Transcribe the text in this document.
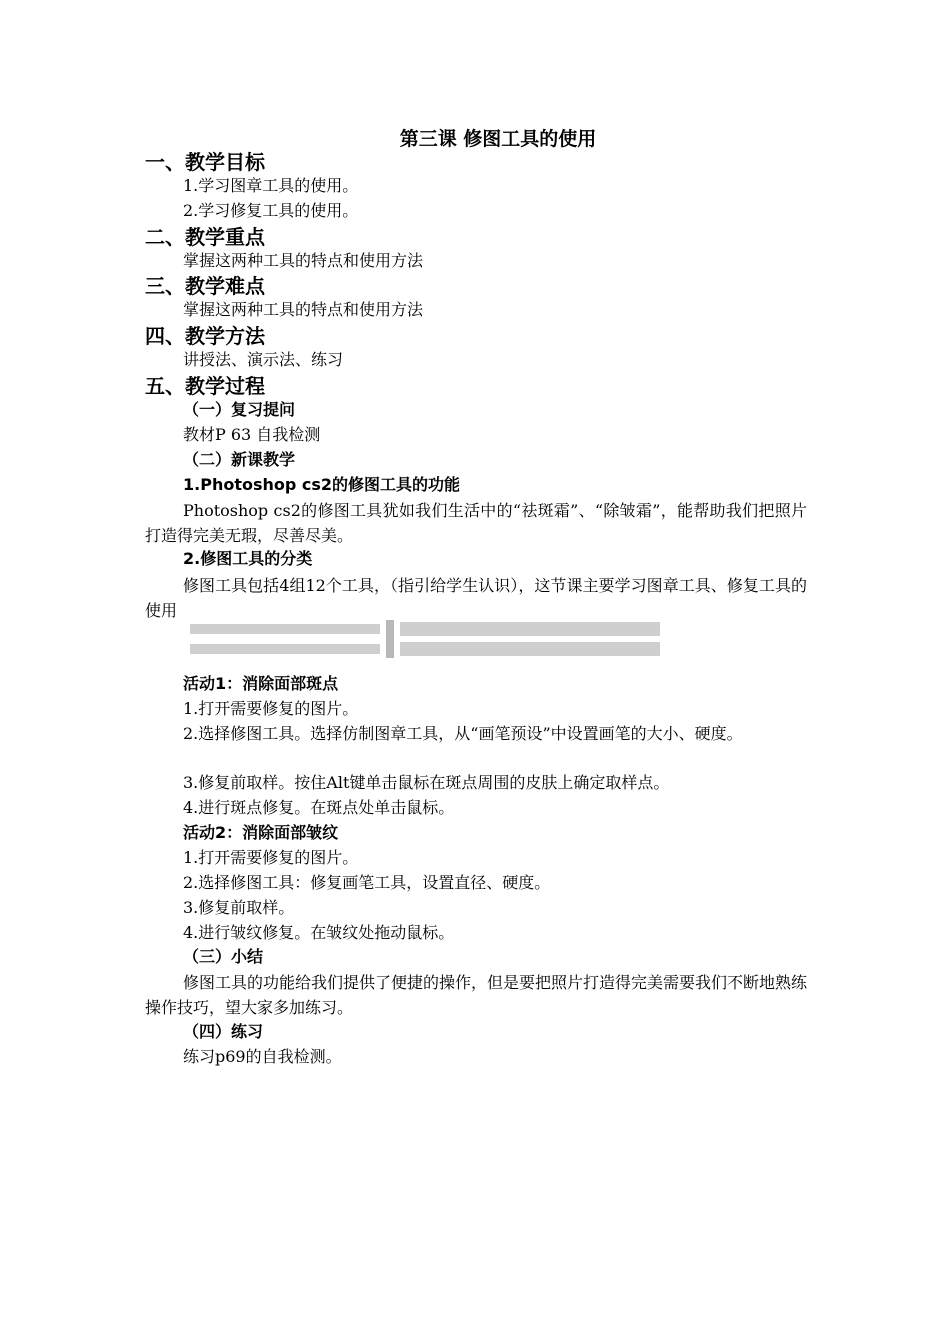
第三课 修图工具的使用
一、教学目标
1.学习图章工具的使用。
2.学习修复工具的使用。
二、教学重点
掌握这两种工具的特点和使用方法
三、教学难点
掌握这两种工具的特点和使用方法
四、教学方法
讲授法、演示法、练习
五、教学过程
（一）复习提问
教材P 63 自我检测
（二）新课教学
1.Photoshop cs2的修图工具的功能
Photoshop cs2的修图工具犹如我们生活中的“祛斑霜”、“除皱霜”，能帮助我们把照片打造得完美无瑕，尽善尽美。
2.修图工具的分类
修图工具包括4组12个工具，（指引给学生认识），这节课主要学习图章工具、修复工具的使用
活动1：消除面部斑点
1.打开需要修复的图片。
2.选择修图工具。选择仿制图章工具，从“画笔预设”中设置画笔的大小、硬度。
3.修复前取样。按住Alt键单击鼠标在斑点周围的皮肤上确定取样点。
4.进行斑点修复。在斑点处单击鼠标。
活动2：消除面部皱纹
1.打开需要修复的图片。
2.选择修图工具：修复画笔工具，设置直径、硬度。
3.修复前取样。
4.进行皱纹修复。在皱纹处拖动鼠标。
（三）小结
修图工具的功能给我们提供了便捷的操作，但是要把照片打造得完美需要我们不断地熟练操作技巧，望大家多加练习。
（四）练习
练习p69的自我检测。
